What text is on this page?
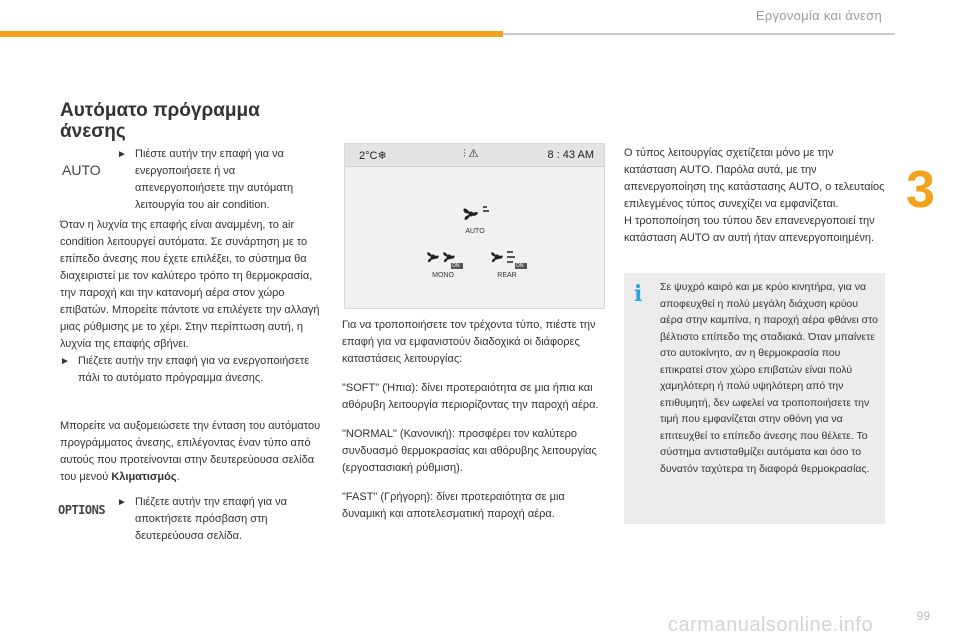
Εργονομία και άνεση
3
Αυτόματο πρόγραμμα άνεσης
AUTO
► Πιέστε αυτήν την επαφή για να ενεργοποιήσετε ή να απενεργοποιήσετε την αυτόματη λειτουργία του air condition.
Όταν η λυχνία της επαφής είναι αναμμένη, το air condition λειτουργεί αυτόματα. Σε συνάρτηση με το επίπεδο άνεσης που έχετε επιλέξει, το σύστημα θα διαχειριστεί με τον καλύτερο τρόπο τη θερμοκρασία, την παροχή και την κατανομή αέρα στον χώρο επιβατών. Μπορείτε πάντοτε να επιλέγετε την αλλαγή μιας ρύθμισης με το χέρι. Στην περίπτωση αυτή, η λυχνία της επαφής σβήνει.
► Πιέζετε αυτήν την επαφή για να ενεργοποιήσετε πάλι το αυτόματο πρόγραμμα άνεσης.
Μπορείτε να αυξομειώσετε την ένταση του αυτόματου προγράμματος άνεσης, επιλέγοντας έναν τύπο από αυτούς που προτείνονται στην δευτερεύουσα σελίδα του μενού Κλιματισμός.
OPTIONS
► Πιέζετε αυτήν την επαφή για να αποκτήσετε πρόσβαση στη δευτερεύουσα σελίδα.
2°C❄	⫶ ⚠	8 : 43 AM
AUTO
ON
MONO
ON
REAR

Για να τροποποιήσετε τον τρέχοντα τύπο, πιέστε την επαφή για να εμφανιστούν διαδοχικά οι διάφορες καταστάσεις λειτουργίας:

"SOFT" (Ήπια): δίνει προτεραιότητα σε μια ήπια και αθόρυβη λειτουργία περιορίζοντας την παροχή αέρα.

"NORMAL" (Κανονική): προσφέρει τον καλύτερο συνδυασμό θερμοκρασίας και αθόρυβης λειτουργίας (εργοστασιακή ρύθμιση).

"FAST" (Γρήγορη): δίνει προτεραιότητα σε μια δυναμική και αποτελεσματική παροχή αέρα.

Ο τύπος λειτουργίας σχετίζεται μόνο με την κατάσταση AUTO. Παρόλα αυτά, με την απενεργοποίηση της κατάστασης AUTO, ο τελευταίος επιλεγμένος τύπος συνεχίζει να εμφανίζεται.
Η τροποποίηση του τύπου δεν επανενεργοποιεί την κατάσταση AUTO αν αυτή ήταν απενεργοποιημένη.
i	Σε ψυχρό καιρό και με κρύο κινητήρα, για να αποφευχθεί η πολύ μεγάλη διάχυση κρύου αέρα στην καμπίνα, η παροχή αέρα φθάνει στο βέλτιστο επίπεδο της σταδιακά. Όταν μπαίνετε στο αυτοκίνητο, αν η θερμοκρασία που επικρατεί στον χώρο επιβατών είναι πολύ χαμηλότερη ή πολύ υψηλότερη από την επιθυμητή, δεν ωφελεί να τροποποιήσετε την τιμή που εμφανίζεται στην οθόνη για να επιτευχθεί το επίπεδο άνεσης που θέλετε. Το σύστημα αντισταθμίζει αυτόματα και όσο το δυνατόν ταχύτερα τη διαφορά θερμοκρασίας.
99
carmanualsonline.info
